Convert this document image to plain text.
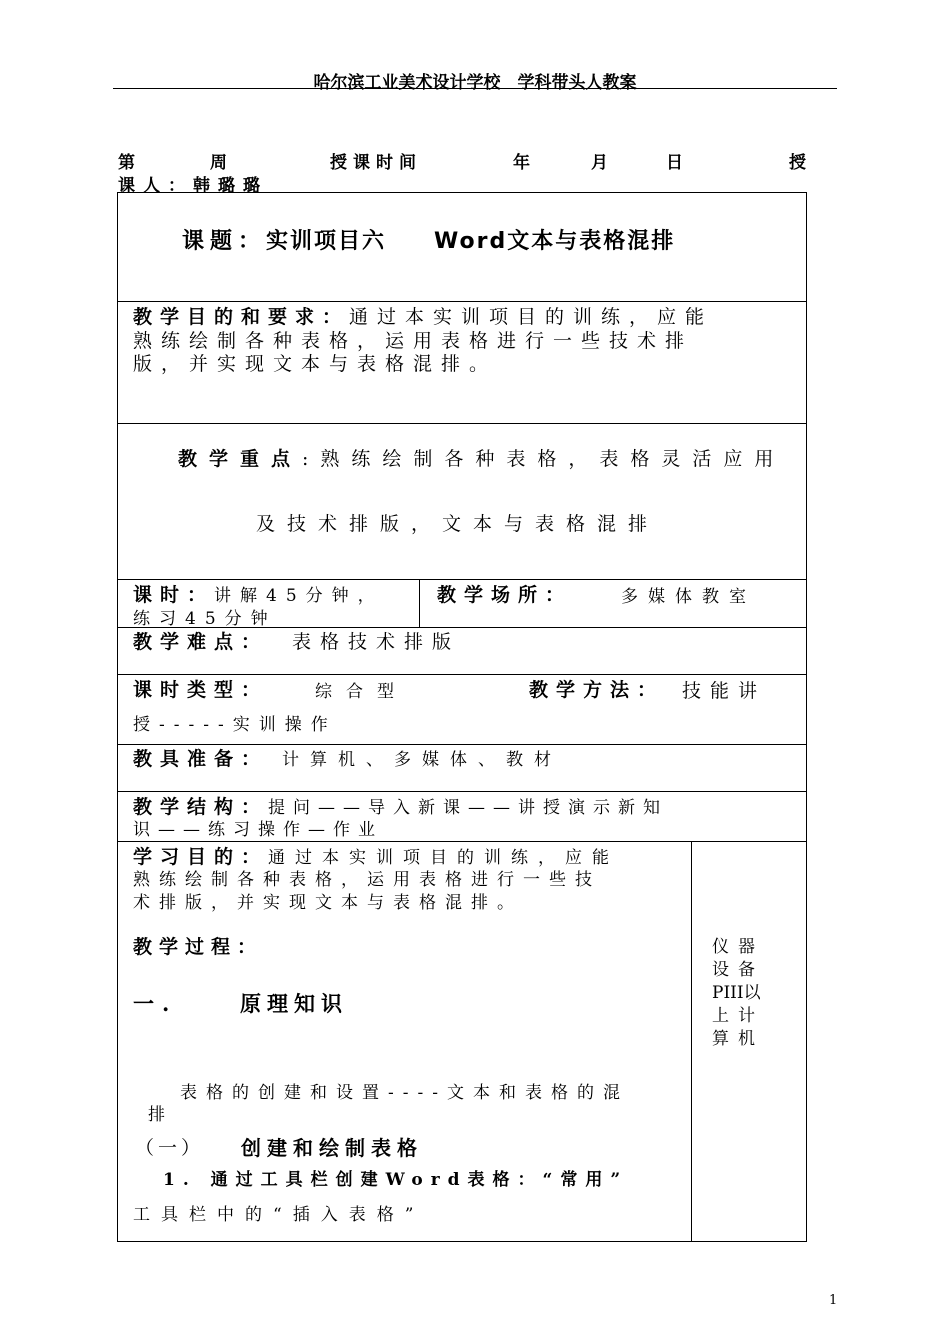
哈尔滨工业美术设计学校　学科带头人教案
第	周	授课时间	年	月	日	授
课人：韩璐璐
课题：实训项目六　　Word文本与表格混排
教学目的和要求：通过本实训项目的训练，应能
熟练绘制各种表格，运用表格进行一些技术排
版，并实现文本与表格混排。
教学重点:熟练绘制各种表格，表格灵活应用
及技术排版，文本与表格混排
课时：讲解45分钟，
练习45分钟
教学场所：	多媒体教室
教学难点： 表格技术排版
课时类型：	综合型	教学方法： 技能讲
授-----实训操作
教具准备： 计算机、多媒体、教材
教学结构：提问——导入新课——讲授演示新知
识——练习操作—作业
学习目的：通过本实训项目的训练，应能
熟练绘制各种表格，运用表格进行一些技
术排版，并实现文本与表格混排。
教学过程：
一.	原理知识
表格的创建和设置----文本和表格的混
排
（一） 创建和绘制表格
1. 通过工具栏创建Word表格：“常用”
工具栏中的“插入表格”
仪器
设备
PIII以
上计
算机
1
